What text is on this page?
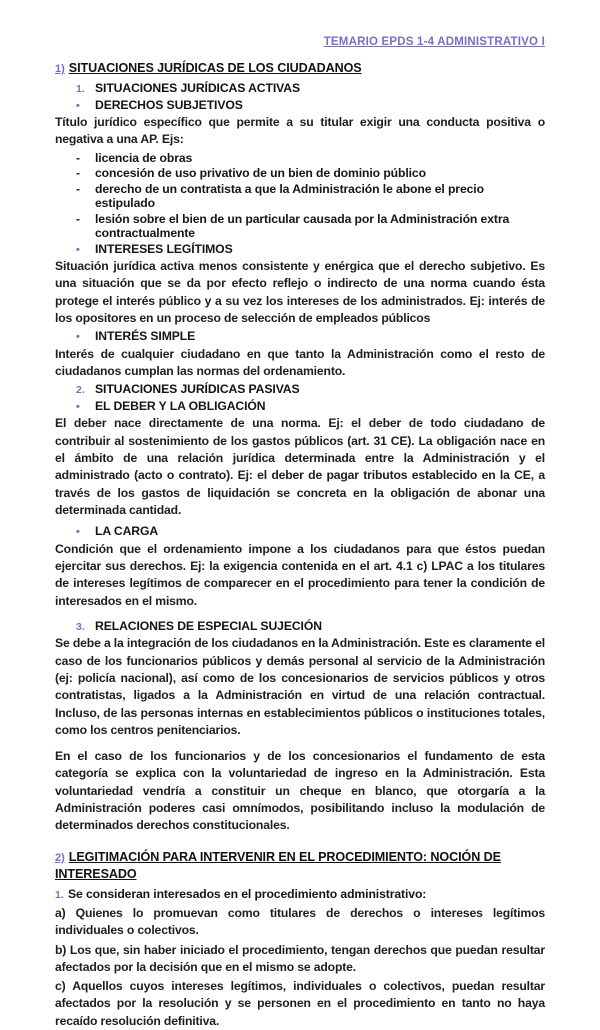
TEMARIO EPDS 1-4 ADMINISTRATIVO I
1) SITUACIONES JURÍDICAS DE LOS CIUDADANOS
1. SITUACIONES JURÍDICAS ACTIVAS
•	DERECHOS SUBJETIVOS

Título jurídico específico que permite a su titular exigir una conducta positiva o negativa a una AP. Ejs:

-	licencia de obras
-	concesión de uso privativo de un bien de dominio público
-	derecho de un contratista a que la Administración le abone el precio estipulado
-	lesión sobre el bien de un particular causada por la Administración extra contractualmente
•	INTERESES LEGÍTIMOS

Situación jurídica activa menos consistente y enérgica que el derecho subjetivo. Es una situación que se da por efecto reflejo o indirecto de una norma cuando ésta protege el interés público y a su vez los intereses de los administrados. Ej: interés de los opositores en un proceso de selección de empleados públicos

•	INTERÉS SIMPLE

Interés de cualquier ciudadano en que tanto la Administración como el resto de ciudadanos cumplan las normas del ordenamiento.

2. SITUACIONES JURÍDICAS PASIVAS
•	EL DEBER Y LA OBLIGACIÓN

El deber nace directamente de una norma. Ej: el deber de todo ciudadano de contribuir al sostenimiento de los gastos públicos (art. 31 CE). La obligación nace en el ámbito de una relación jurídica determinada entre la Administración y el administrado (acto o contrato). Ej: el deber de pagar tributos establecido en la CE, a través de los gastos de liquidación se concreta en la obligación de abonar una determinada cantidad.

•	LA CARGA

Condición que el ordenamiento impone a los ciudadanos para que éstos puedan ejercitar sus derechos. Ej: la exigencia contenida en el art. 4.1 c) LPAC a los titulares de intereses legítimos de comparecer en el procedimiento para tener la condición de interesados en el mismo.

3. RELACIONES DE ESPECIAL SUJECIÓN

Se debe a la integración de los ciudadanos en la Administración. Este es claramente el caso de los funcionarios públicos y demás personal al servicio de la Administración (ej: policía nacional), así como de los concesionarios de servicios públicos y otros contratistas, ligados a la Administración en virtud de una relación contractual. Incluso, de las personas internas en establecimientos públicos o instituciones totales, como los centros penitenciarios.

En el caso de los funcionarios y de los concesionarios el fundamento de esta categoría se explica con la voluntariedad de ingreso en la Administración. Esta voluntariedad vendría a constituir un cheque en blanco, que otorgaría a la Administración poderes casi omnímodos, posibilitando incluso la modulación de determinados derechos constitucionales.

2) LEGITIMACIÓN PARA INTERVENIR EN EL PROCEDIMIENTO: NOCIÓN DE INTERESADO
1. Se consideran interesados en el procedimiento administrativo:

a) Quienes lo promuevan como titulares de derechos o intereses legítimos individuales o colectivos.

b) Los que, sin haber iniciado el procedimiento, tengan derechos que puedan resultar afectados por la decisión que en el mismo se adopte.

c) Aquellos cuyos intereses legítimos, individuales o colectivos, puedan resultar afectados por la resolución y se personen en el procedimiento en tanto no haya recaído resolución definitiva.
